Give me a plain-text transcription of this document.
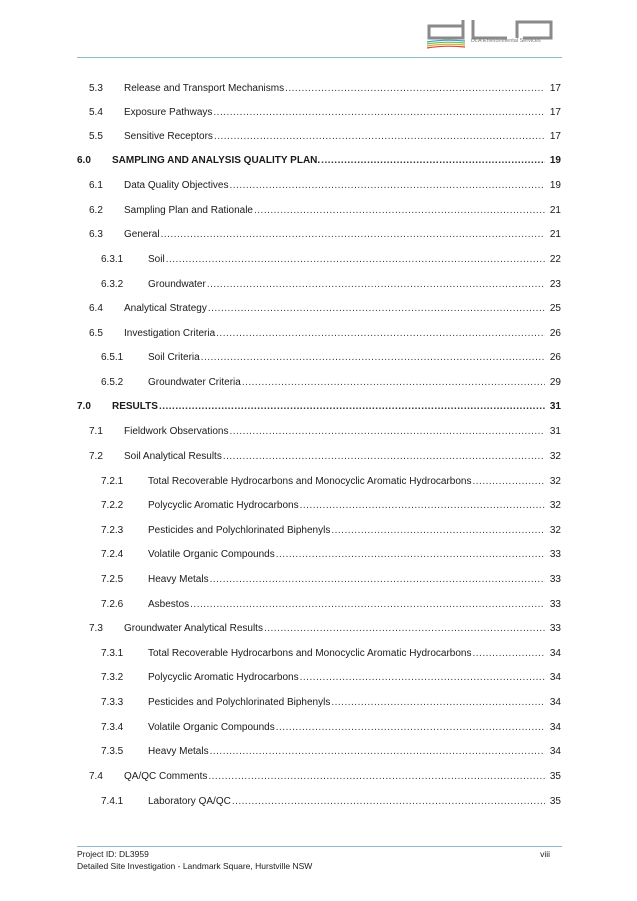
DLA Environmental Services
5.3 Release and Transport Mechanisms .....	17
5.4 Exposure Pathways .....	17
5.5 Sensitive Receptors .....	17
6.0 SAMPLING AND ANALYSIS QUALITY PLAN. .....	19
6.1 Data Quality Objectives .....	19
6.2 Sampling Plan and Rationale .....	21
6.3 General .....	21
6.3.1 Soil .....	22
6.3.2 Groundwater .....	23
6.4 Analytical Strategy .....	25
6.5 Investigation Criteria .....	26
6.5.1 Soil Criteria .....	26
6.5.2 Groundwater Criteria .....	29
7.0 RESULTS .....	31
7.1 Fieldwork Observations .....	31
7.2 Soil Analytical Results .....	32
7.2.1 Total Recoverable Hydrocarbons and Monocyclic Aromatic Hydrocarbons .....	32
7.2.2 Polycyclic Aromatic Hydrocarbons .....	32
7.2.3 Pesticides and Polychlorinated Biphenyls .....	32
7.2.4 Volatile Organic Compounds .....	33
7.2.5 Heavy Metals .....	33
7.2.6 Asbestos .....	33
7.3 Groundwater Analytical Results .....	33
7.3.1 Total Recoverable Hydrocarbons and Monocyclic Aromatic Hydrocarbons .....	34
7.3.2 Polycyclic Aromatic Hydrocarbons .....	34
7.3.3 Pesticides and Polychlorinated Biphenyls .....	34
7.3.4 Volatile Organic Compounds .....	34
7.3.5 Heavy Metals .....	34
7.4 QA/QC Comments .....	35
7.4.1 Laboratory QA/QC .....	35
Project ID: DL3959
Detailed Site Investigation - Landmark Square, Hurstville NSW
viii
